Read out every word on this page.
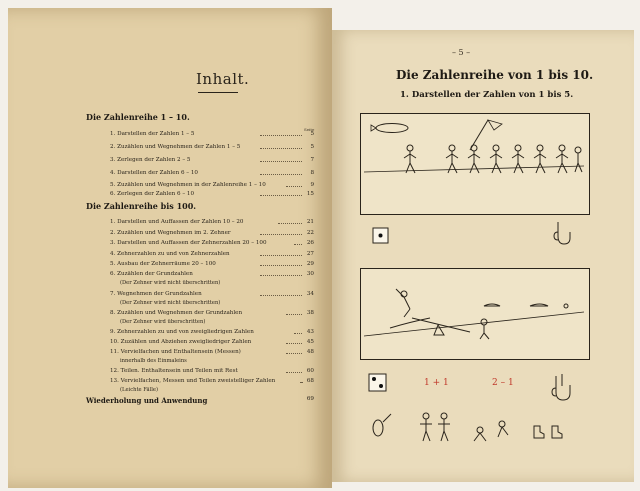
Inhalt.
Die Zahlenreihe 1 – 10.
Seite
1. Darstellen der Zahlen 1 – 5	5
2. Zuzählen und Wegnehmen der Zahlen 1 – 5	5
3. Zerlegen der Zahlen 2 – 5	7
4. Darstellen der Zahlen 6 – 10	8
5. Zuzählen und Wegnehmen in der Zahlenreihe 1 – 10	9
6. Zerlegen der Zahlen 6 – 10	15
Die Zahlenreihe bis 100.
1. Darstellen und Auffassen der Zahlen 10 – 20	21
2. Zuzählen und Wegnehmen im 2. Zehner	22
3. Darstellen und Auffassen der Zehnerzahlen 20 – 100	26
4. Zehnerzahlen zu und von Zehnerzahlen	27
5. Ausbau der Zehnerräume 20 – 100	29
6. Zuzählen der Grundzahlen	30
(Der Zehner wird nicht überschritten)
7. Wegnehmen der Grundzahlen	34
(Der Zehner wird nicht überschritten)
8. Zuzählen und Wegnehmen der Grundzahlen	38
(Der Zehner wird überschritten)
9. Zehnerzahlen zu und von zweigliedrigen Zahlen	43
10. Zuzählen und Abziehen zweigliedriger Zahlen	45
11. Vervielfachen und Enthaltensein (Messen)	48
innerhalb des Einmaleins
12. Teilen. Enthaltensein und Teilen mit Rest	60
13. Vervielfachen, Messen und Teilen zweistelliger Zahlen	68
(Leichte Fälle)
Wiederholung und Anwendung	69
– 5 –
Die Zahlenreihe von 1 bis 10.
1. Darstellen der Zahlen von 1 bis 5.
1 + 1	2 – 1
